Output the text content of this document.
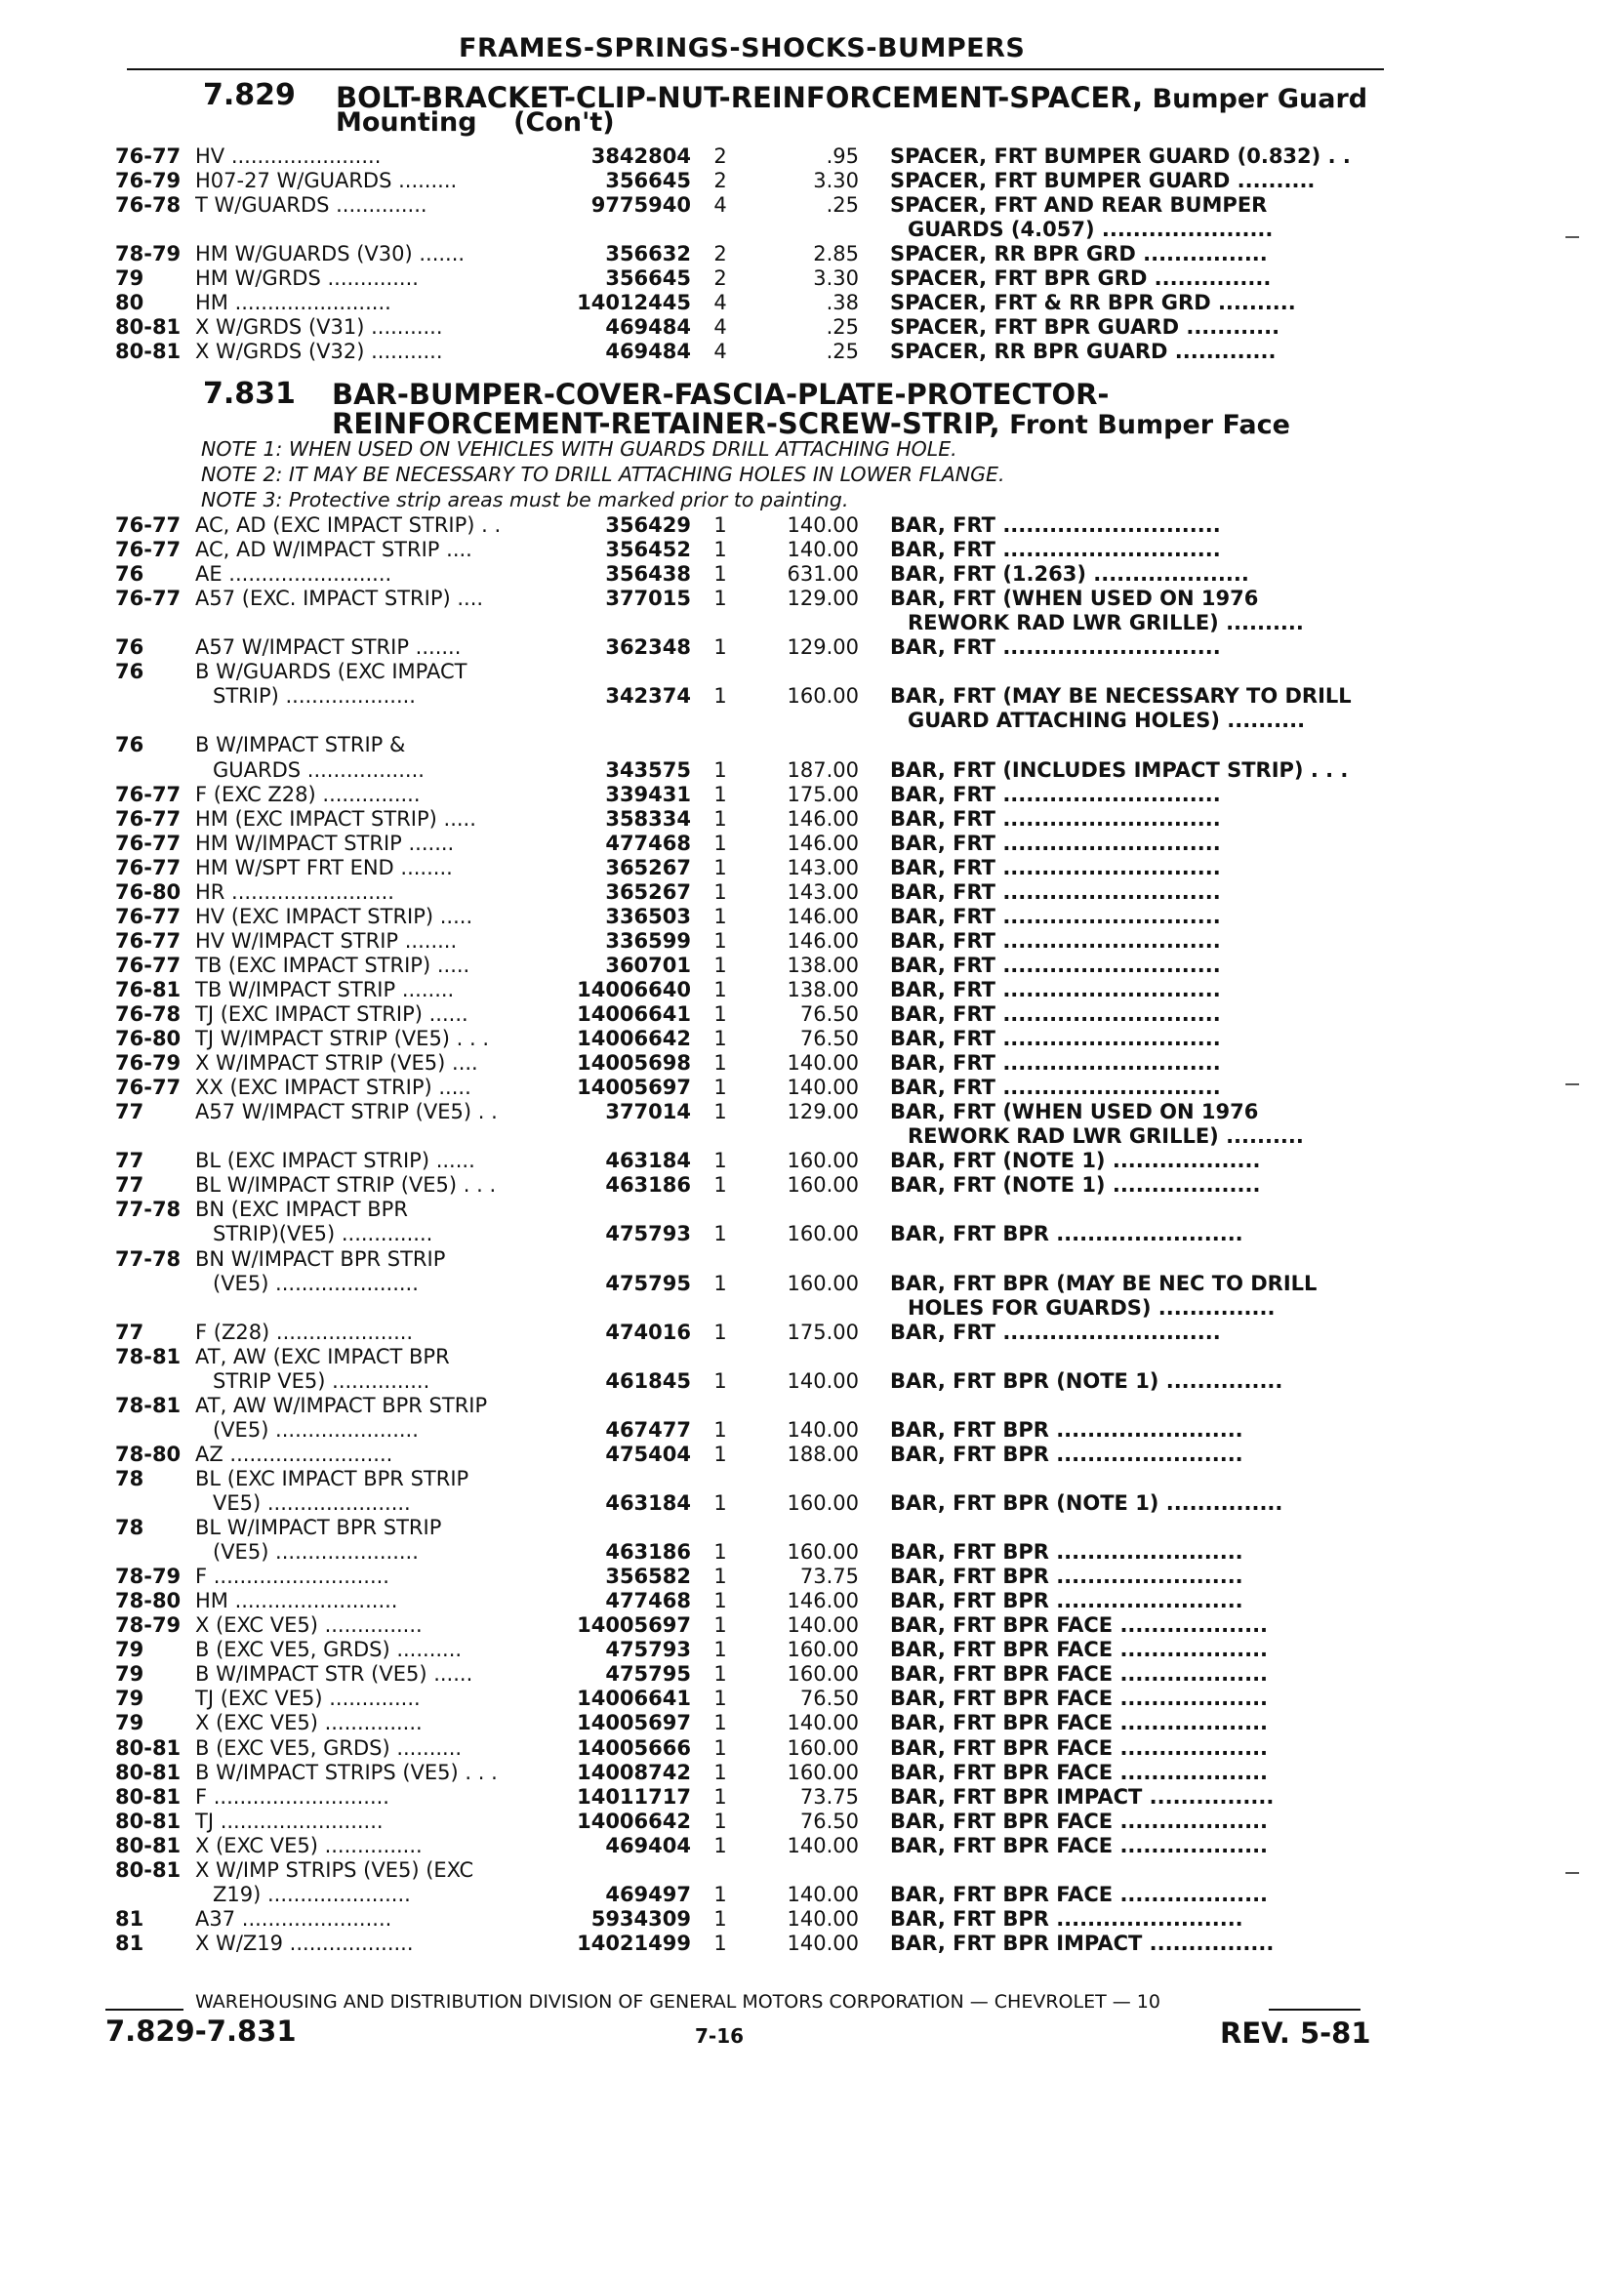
FRAMES-SPRINGS-SHOCKS-BUMPERS
7.829 BOLT-BRACKET-CLIP-NUT-REINFORCEMENT-SPACER, Bumper Guard
Mounting    (Con't)
76-77 HV .......................	3842804	2	.95 SPACER, FRT BUMPER GUARD (0.832) . .
76-79 H07-27 W/GUARDS .........	356645	2	3.30 SPACER, FRT BUMPER GUARD ..........
76-78 T W/GUARDS ..............	9775940	4	.25 SPACER, FRT AND REAR BUMPER
GUARDS (4.057) ......................
78-79 HM W/GUARDS (V30) .......	356632	2	2.85 SPACER, RR BPR GRD ................
79	HM W/GRDS ..............	356645	2	3.30 SPACER, FRT BPR GRD ...............
80	HM ........................	14012445	4	.38 SPACER, FRT & RR BPR GRD ..........
80-81 X W/GRDS (V31) ...........	469484	4	.25 SPACER, FRT BPR GUARD ............
80-81 X W/GRDS (V32) ...........	469484	4	.25 SPACER, RR BPR GUARD .............
7.831 BAR-BUMPER-COVER-FASCIA-PLATE-PROTECTOR-
REINFORCEMENT-RETAINER-SCREW-STRIP, Front Bumper Face
NOTE 1: WHEN USED ON VEHICLES WITH GUARDS DRILL ATTACHING HOLE.
NOTE 2: IT MAY BE NECESSARY TO DRILL ATTACHING HOLES IN LOWER FLANGE.
NOTE 3: Protective strip areas must be marked prior to painting.
76-77 AC, AD (EXC IMPACT STRIP) . .	356429	1	140.00 BAR, FRT ............................
76-77 AC, AD W/IMPACT STRIP ....	356452	1	140.00 BAR, FRT ............................
76	AE .........................	356438	1	631.00 BAR, FRT (1.263) ....................
76-77 A57 (EXC. IMPACT STRIP) ....	377015	1	129.00 BAR, FRT (WHEN USED ON 1976
REWORK RAD LWR GRILLE) ..........
76	A57 W/IMPACT STRIP .......	362348	1	129.00 BAR, FRT ............................
76	B W/GUARDS (EXC IMPACT
STRIP) ....................	342374	1	160.00 BAR, FRT (MAY BE NECESSARY TO DRILL
GUARD ATTACHING HOLES) ..........
76	B W/IMPACT STRIP &
GUARDS ..................	343575	1	187.00 BAR, FRT (INCLUDES IMPACT STRIP) . . .
76-77 F (EXC Z28) ...............	339431	1	175.00 BAR, FRT ............................
76-77 HM (EXC IMPACT STRIP) .....	358334	1	146.00 BAR, FRT ............................
76-77 HM W/IMPACT STRIP .......	477468	1	146.00 BAR, FRT ............................
76-77 HM W/SPT FRT END ........	365267	1	143.00 BAR, FRT ............................
76-80 HR .........................	365267	1	143.00 BAR, FRT ............................
76-77 HV (EXC IMPACT STRIP) .....	336503	1	146.00 BAR, FRT ............................
76-77 HV W/IMPACT STRIP ........	336599	1	146.00 BAR, FRT ............................
76-77 TB (EXC IMPACT STRIP) .....	360701	1	138.00 BAR, FRT ............................
76-81 TB W/IMPACT STRIP ........	14006640	1	138.00 BAR, FRT ............................
76-78 TJ (EXC IMPACT STRIP) ......	14006641	1	76.50 BAR, FRT ............................
76-80 TJ W/IMPACT STRIP (VE5) . . .	14006642	1	76.50 BAR, FRT ............................
76-79 X W/IMPACT STRIP (VE5) ....	14005698	1	140.00 BAR, FRT ............................
76-77 XX (EXC IMPACT STRIP) .....	14005697	1	140.00 BAR, FRT ............................
77	A57 W/IMPACT STRIP (VE5) . .	377014	1	129.00 BAR, FRT (WHEN USED ON 1976
REWORK RAD LWR GRILLE) ..........
77	BL (EXC IMPACT STRIP) ......	463184	1	160.00 BAR, FRT (NOTE 1) ...................
77	BL W/IMPACT STRIP (VE5) . . .	463186	1	160.00 BAR, FRT (NOTE 1) ...................
77-78 BN (EXC IMPACT BPR
STRIP)(VE5) ..............	475793	1	160.00 BAR, FRT BPR ........................
77-78 BN W/IMPACT BPR STRIP
(VE5) ......................	475795	1	160.00 BAR, FRT BPR (MAY BE NEC TO DRILL
HOLES FOR GUARDS) ...............
77	F (Z28) .....................	474016	1	175.00 BAR, FRT ............................
78-81 AT, AW (EXC IMPACT BPR
STRIP VE5) ...............	461845	1	140.00 BAR, FRT BPR (NOTE 1) ...............
78-81 AT, AW W/IMPACT BPR STRIP
(VE5) ......................	467477	1	140.00 BAR, FRT BPR ........................
78-80 AZ .........................	475404	1	188.00 BAR, FRT BPR ........................
78	BL (EXC IMPACT BPR STRIP
VE5) ......................	463184	1	160.00 BAR, FRT BPR (NOTE 1) ...............
78	BL W/IMPACT BPR STRIP
(VE5) ......................	463186	1	160.00 BAR, FRT BPR ........................
78-79 F ...........................	356582	1	73.75 BAR, FRT BPR ........................
78-80 HM .........................	477468	1	146.00 BAR, FRT BPR ........................
78-79 X (EXC VE5) ...............	14005697	1	140.00 BAR, FRT BPR FACE ...................
79	B (EXC VE5, GRDS) ..........	475793	1	160.00 BAR, FRT BPR FACE ...................
79	B W/IMPACT STR (VE5) ......	475795	1	160.00 BAR, FRT BPR FACE ...................
79	TJ (EXC VE5) ..............	14006641	1	76.50 BAR, FRT BPR FACE ...................
79	X (EXC VE5) ...............	14005697	1	140.00 BAR, FRT BPR FACE ...................
80-81 B (EXC VE5, GRDS) ..........	14005666	1	160.00 BAR, FRT BPR FACE ...................
80-81 B W/IMPACT STRIPS (VE5) . . .	14008742	1	160.00 BAR, FRT BPR FACE ...................
80-81 F ...........................	14011717	1	73.75 BAR, FRT BPR IMPACT ................
80-81 TJ .........................	14006642	1	76.50 BAR, FRT BPR FACE ...................
80-81 X (EXC VE5) ...............	469404	1	140.00 BAR, FRT BPR FACE ...................
80-81 X W/IMP STRIPS (VE5) (EXC
Z19) ......................	469497	1	140.00 BAR, FRT BPR FACE ...................
81	A37 .......................	5934309	1	140.00 BAR, FRT BPR ........................
81	X W/Z19 ...................	14021499	1	140.00 BAR, FRT BPR IMPACT ................
WAREHOUSING AND DISTRIBUTION DIVISION OF GENERAL MOTORS CORPORATION — CHEVROLET — 10
7.829-7.831	7-16	REV. 5-81
